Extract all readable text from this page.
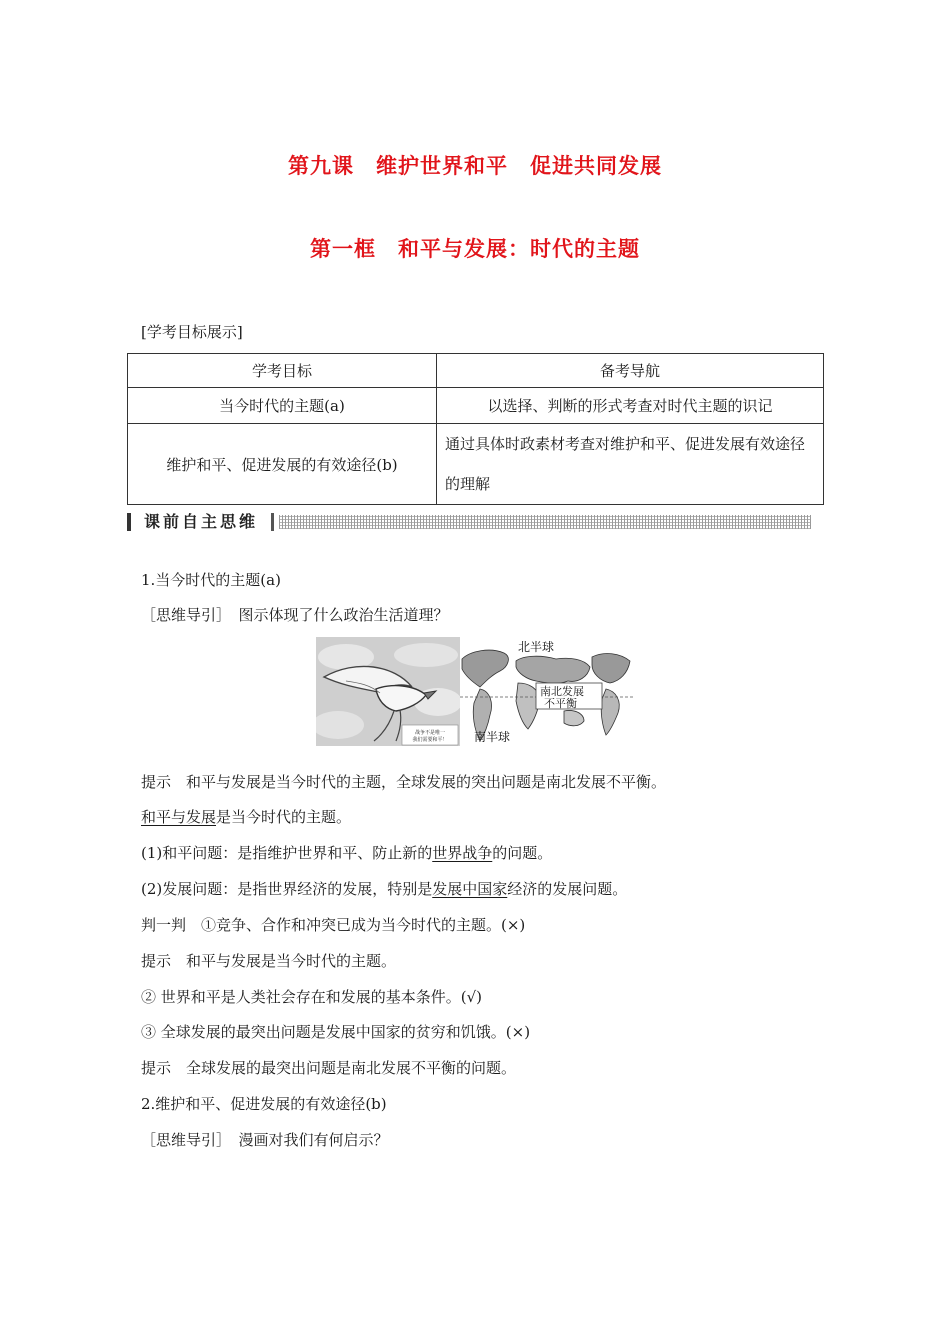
第九课　维护世界和平　促进共同发展
第一框　和平与发展：时代的主题
[学考目标展示]
学考目标	备考导航
当今时代的主题(a)	以选择、判断的形式考查对时代主题的识记
维护和平、促进发展的有效途径(b)	通过具体时政素材考查对维护和平、促进发展有效途径的理解
课前自主思维
1.当今时代的主题(a)
［思维导引］　图示体现了什么政治生活道理？
战争不是唯一
我们需要和平！
北半球
南北发展
不平衡
南半球
提示　和平与发展是当今时代的主题，全球发展的突出问题是南北发展不平衡。
和平与发展是当今时代的主题。
(1)和平问题：是指维护世界和平、防止新的世界战争的问题。
(2)发展问题：是指世界经济的发展，特别是发展中国家经济的发展问题。
判一判　①竞争、合作和冲突已成为当今时代的主题。(×)
提示　和平与发展是当今时代的主题。
② 世界和平是人类社会存在和发展的基本条件。(√)
③ 全球发展的最突出问题是发展中国家的贫穷和饥饿。(×)
提示　全球发展的最突出问题是南北发展不平衡的问题。
2.维护和平、促进发展的有效途径(b)
［思维导引］　漫画对我们有何启示？
